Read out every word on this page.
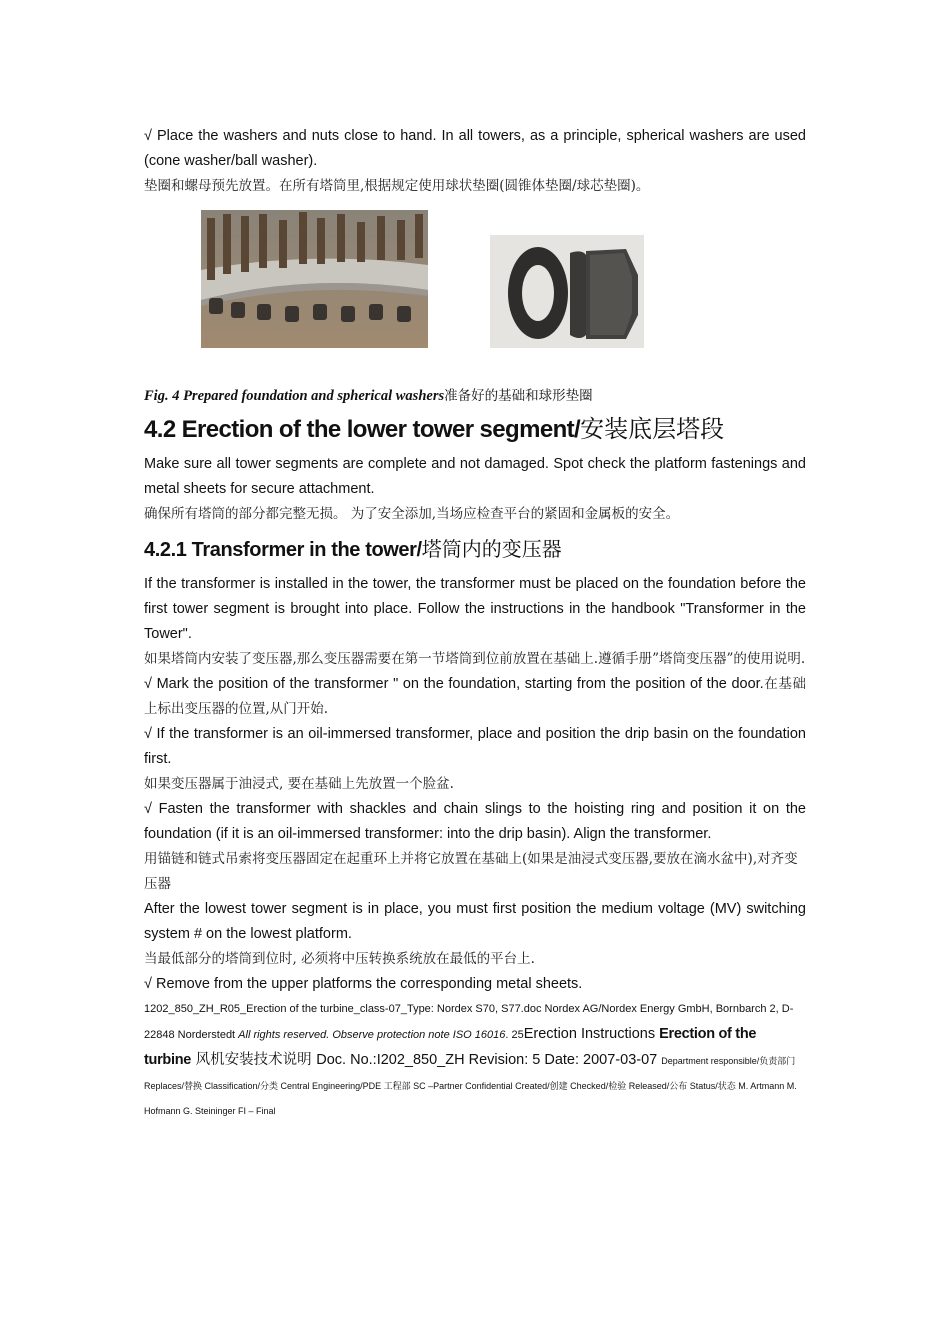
√ Place the washers and nuts close to hand. In all towers, as a principle, spherical washers are used (cone washer/ball washer).

垫圈和螺母预先放置。在所有塔筒里,根据规定使用球状垫圈(圆锥体垫圈/球芯垫圈)。

Fig. 4 Prepared foundation and spherical washers准备好的基础和球形垫圈

4.2 Erection of the lower tower segment/安装底层塔段

Make sure all tower segments are complete and not damaged. Spot check the platform fastenings and metal sheets for secure attachment.

确保所有塔筒的部分都完整无损。 为了安全添加,当场应检查平台的紧固和金属板的安全。

4.2.1 Transformer in the tower/塔筒内的变压器

If the transformer is installed in the tower, the transformer must be placed on the foundation before the first tower segment is brought into place. Follow the instructions in the handbook "Transformer in the Tower".

如果塔筒内安装了变压器,那么变压器需要在第一节塔筒到位前放置在基础上.遵循手册”塔筒变压器”的使用说明.

√ Mark the position of the transformer " on the foundation, starting from the position of the door.在基础上标出变压器的位置,从门开始.

√ If the transformer is an oil-immersed transformer, place and position the drip basin on the foundation first.

如果变压器属于油浸式, 要在基础上先放置一个脸盆.

√ Fasten the transformer with shackles and chain slings to the hoisting ring and position it on the foundation (if it is an oil-immersed transformer: into the drip basin). Align the transformer.

用锚链和链式吊索将变压器固定在起重环上并将它放置在基础上(如果是油浸式变压器,要放在滴水盆中),对齐变压器

After the lowest tower segment is in place, you must first position the medium voltage (MV) switching system # on the lowest platform.

当最低部分的塔筒到位时, 必须将中压转换系统放在最低的平台上.

√ Remove from the upper platforms the corresponding metal sheets.

1202_850_ZH_R05_Erection of the turbine_class-07_Type: Nordex S70, S77.doc Nordex AG/Nordex Energy GmbH, Bornbarch 2, D-22848 Norderstedt All rights reserved. Observe protection note ISO 16016. 25Erection Instructions Erection of the turbine 风机安装技术说明 Doc. No.:I202_850_ZH Revision: 5 Date: 2007-03-07 Department responsible/负责部门 Replaces/替换 Classification/分类 Central Engineering/PDE 工程部 SC –Partner Confidential Created/创建 Checked/检验 Released/公布 Status/状态 M. Artmann M. Hofmann G. Steininger FI – Final
